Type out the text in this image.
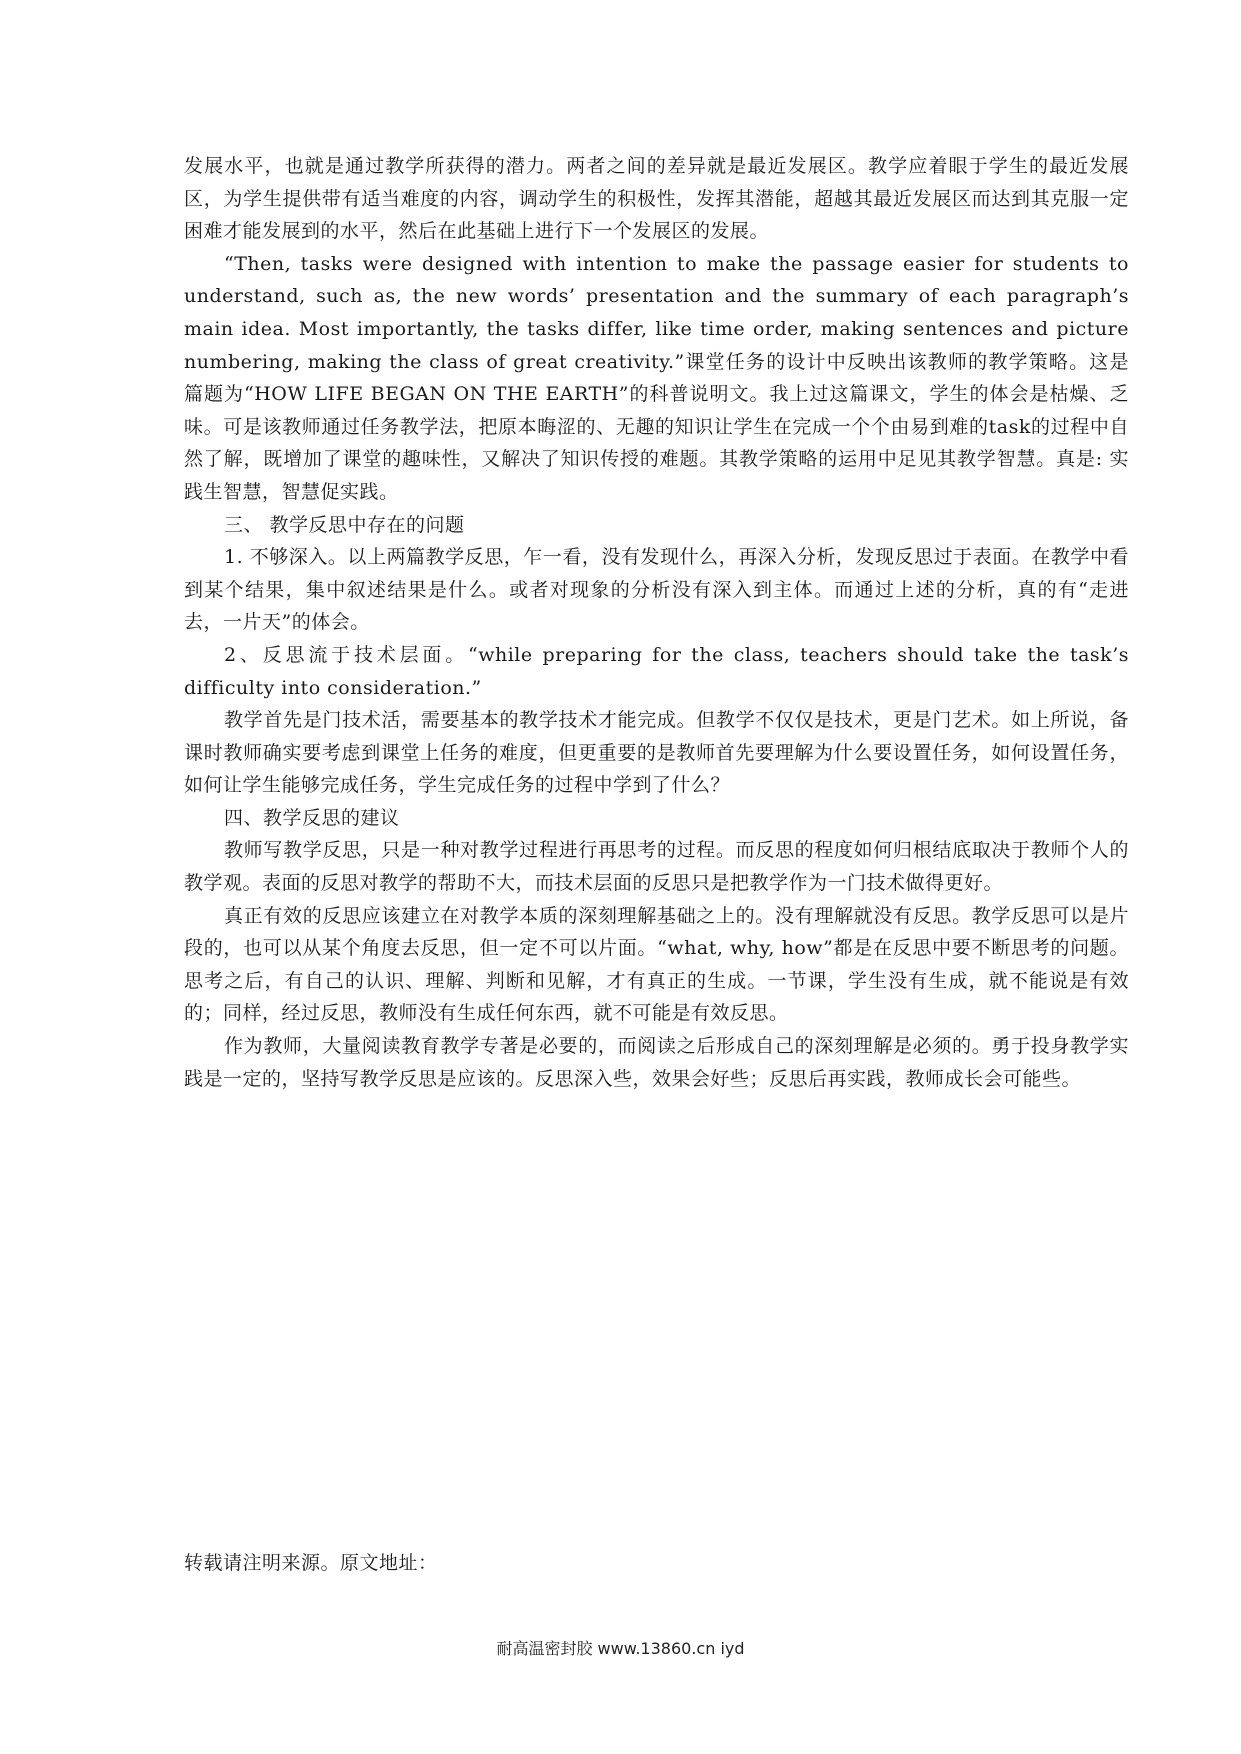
发展水平，也就是通过教学所获得的潜力。两者之间的差异就是最近发展区。教学应着眼于学生的最近发展区，为学生提供带有适当难度的内容，调动学生的积极性，发挥其潜能，超越其最近发展区而达到其克服一定困难才能发展到的水平，然后在此基础上进行下一个发展区的发展。

“Then, tasks were designed with intention to make the passage easier for students to understand, such as, the new words’ presentation and the summary of each paragraph’s main idea. Most importantly, the tasks differ, like time order, making sentences and picture numbering, making the class of great creativity.”课堂任务的设计中反映出该教师的教学策略。这是篇题为“HOW LIFE BEGAN ON THE EARTH”的科普说明文。我上过这篇课文，学生的体会是枯燥、乏味。可是该教师通过任务教学法，把原本晦涩的、无趣的知识让学生在完成一个个由易到难的task的过程中自然了解，既增加了课堂的趣味性，又解决了知识传授的难题。其教学策略的运用中足见其教学智慧。真是: 实践生智慧，智慧促实践。

三、 教学反思中存在的问题

1. 不够深入。以上两篇教学反思，乍一看，没有发现什么，再深入分析，发现反思过于表面。在教学中看到某个结果，集中叙述结果是什么。或者对现象的分析没有深入到主体。而通过上述的分析，真的有“走进去，一片天”的体会。

2、反思流于技术层面。“while preparing for the class, teachers should take the task’s difficulty into consideration.”

教学首先是门技术活，需要基本的教学技术才能完成。但教学不仅仅是技术，更是门艺术。如上所说，备课时教师确实要考虑到课堂上任务的难度，但更重要的是教师首先要理解为什么要设置任务，如何设置任务，如何让学生能够完成任务，学生完成任务的过程中学到了什么？

四、教学反思的建议

教师写教学反思，只是一种对教学过程进行再思考的过程。而反思的程度如何归根结底取决于教师个人的教学观。表面的反思对教学的帮助不大，而技术层面的反思只是把教学作为一门技术做得更好。

真正有效的反思应该建立在对教学本质的深刻理解基础之上的。没有理解就没有反思。教学反思可以是片段的，也可以从某个角度去反思，但一定不可以片面。“what, why, how”都是在反思中要不断思考的问题。思考之后，有自己的认识、理解、判断和见解，才有真正的生成。一节课，学生没有生成，就不能说是有效的；同样，经过反思，教师没有生成任何东西，就不可能是有效反思。

作为教师，大量阅读教育教学专著是必要的，而阅读之后形成自己的深刻理解是必须的。勇于投身教学实践是一定的，坚持写教学反思是应该的。反思深入些，效果会好些；反思后再实践，教师成长会可能些。

转载请注明来源。原文地址：
耐高温密封胶 www.13860.cn iyd
